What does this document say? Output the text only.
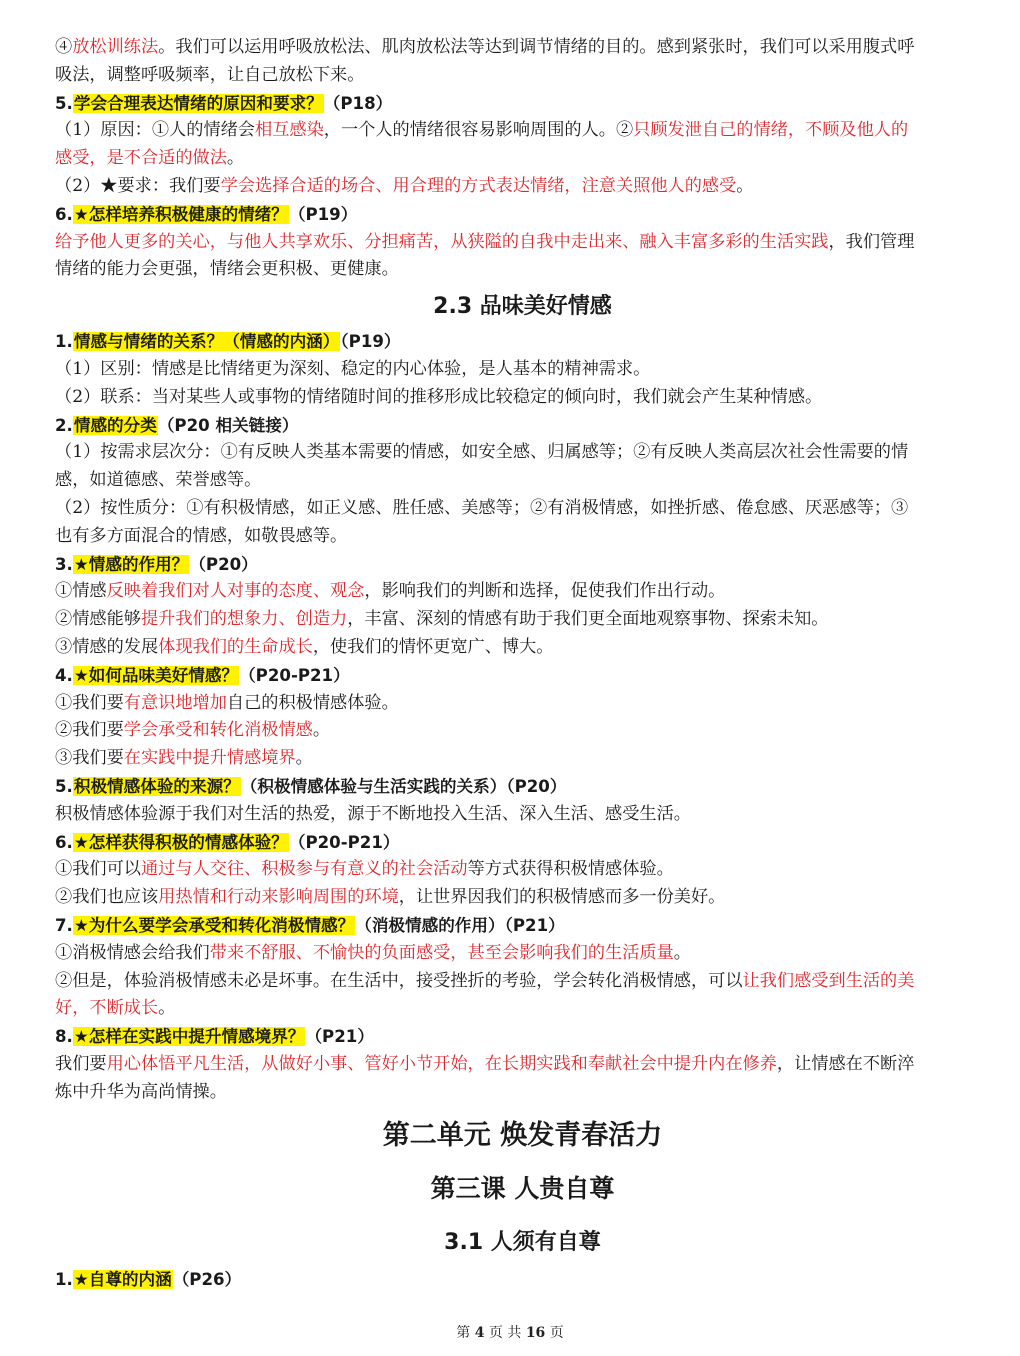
④放松训练法。我们可以运用呼吸放松法、肌肉放松法等达到调节情绪的目的。感到紧张时，我们可以采用腹式呼
吸法，调整呼吸频率，让自己放松下来。
5.学会合理表达情绪的原因和要求？（P18）
（1）原因：①人的情绪会相互感染，一个人的情绪很容易影响周围的人。②只顾发泄自己的情绪，不顾及他人的
感受，是不合适的做法。
（2）★要求：我们要学会选择合适的场合、用合理的方式表达情绪，注意关照他人的感受。
6.★怎样培养积极健康的情绪？（P19）
给予他人更多的关心，与他人共享欢乐、分担痛苦，从狭隘的自我中走出来、融入丰富多彩的生活实践，我们管理
情绪的能力会更强，情绪会更积极、更健康。
2.3 品味美好情感
1.情感与情绪的关系？（情感的内涵）（P19）
（1）区别：情感是比情绪更为深刻、稳定的内心体验，是人基本的精神需求。
（2）联系：当对某些人或事物的情绪随时间的推移形成比较稳定的倾向时，我们就会产生某种情感。
2.情感的分类（P20 相关链接）
（1）按需求层次分：①有反映人类基本需要的情感，如安全感、归属感等；②有反映人类高层次社会性需要的情
感，如道德感、荣誉感等。
（2）按性质分：①有积极情感，如正义感、胜任感、美感等；②有消极情感，如挫折感、倦怠感、厌恶感等；③
也有多方面混合的情感，如敬畏感等。
3.★情感的作用？（P20）
①情感反映着我们对人对事的态度、观念，影响我们的判断和选择，促使我们作出行动。
②情感能够提升我们的想象力、创造力，丰富、深刻的情感有助于我们更全面地观察事物、探索未知。
③情感的发展体现我们的生命成长，使我们的情怀更宽广、博大。
4.★如何品味美好情感？（P20-P21）
①我们要有意识地增加自己的积极情感体验。
②我们要学会承受和转化消极情感。
③我们要在实践中提升情感境界。
5.积极情感体验的来源？（积极情感体验与生活实践的关系）（P20）
积极情感体验源于我们对生活的热爱，源于不断地投入生活、深入生活、感受生活。
6.★怎样获得积极的情感体验？（P20-P21）
①我们可以通过与人交往、积极参与有意义的社会活动等方式获得积极情感体验。
②我们也应该用热情和行动来影响周围的环境，让世界因我们的积极情感而多一份美好。
7.★为什么要学会承受和转化消极情感？（消极情感的作用）（P21）
①消极情感会给我们带来不舒服、不愉快的负面感受，甚至会影响我们的生活质量。
②但是，体验消极情感未必是坏事。在生活中，接受挫折的考验，学会转化消极情感，可以让我们感受到生活的美
好，不断成长。
8.★怎样在实践中提升情感境界？（P21）
我们要用心体悟平凡生活，从做好小事、管好小节开始，在长期实践和奉献社会中提升内在修养，让情感在不断淬
炼中升华为高尚情操。
第二单元 焕发青春活力
第三课 人贵自尊
3.1 人须有自尊
1.★自尊的内涵（P26）
第 4 页 共 16 页
